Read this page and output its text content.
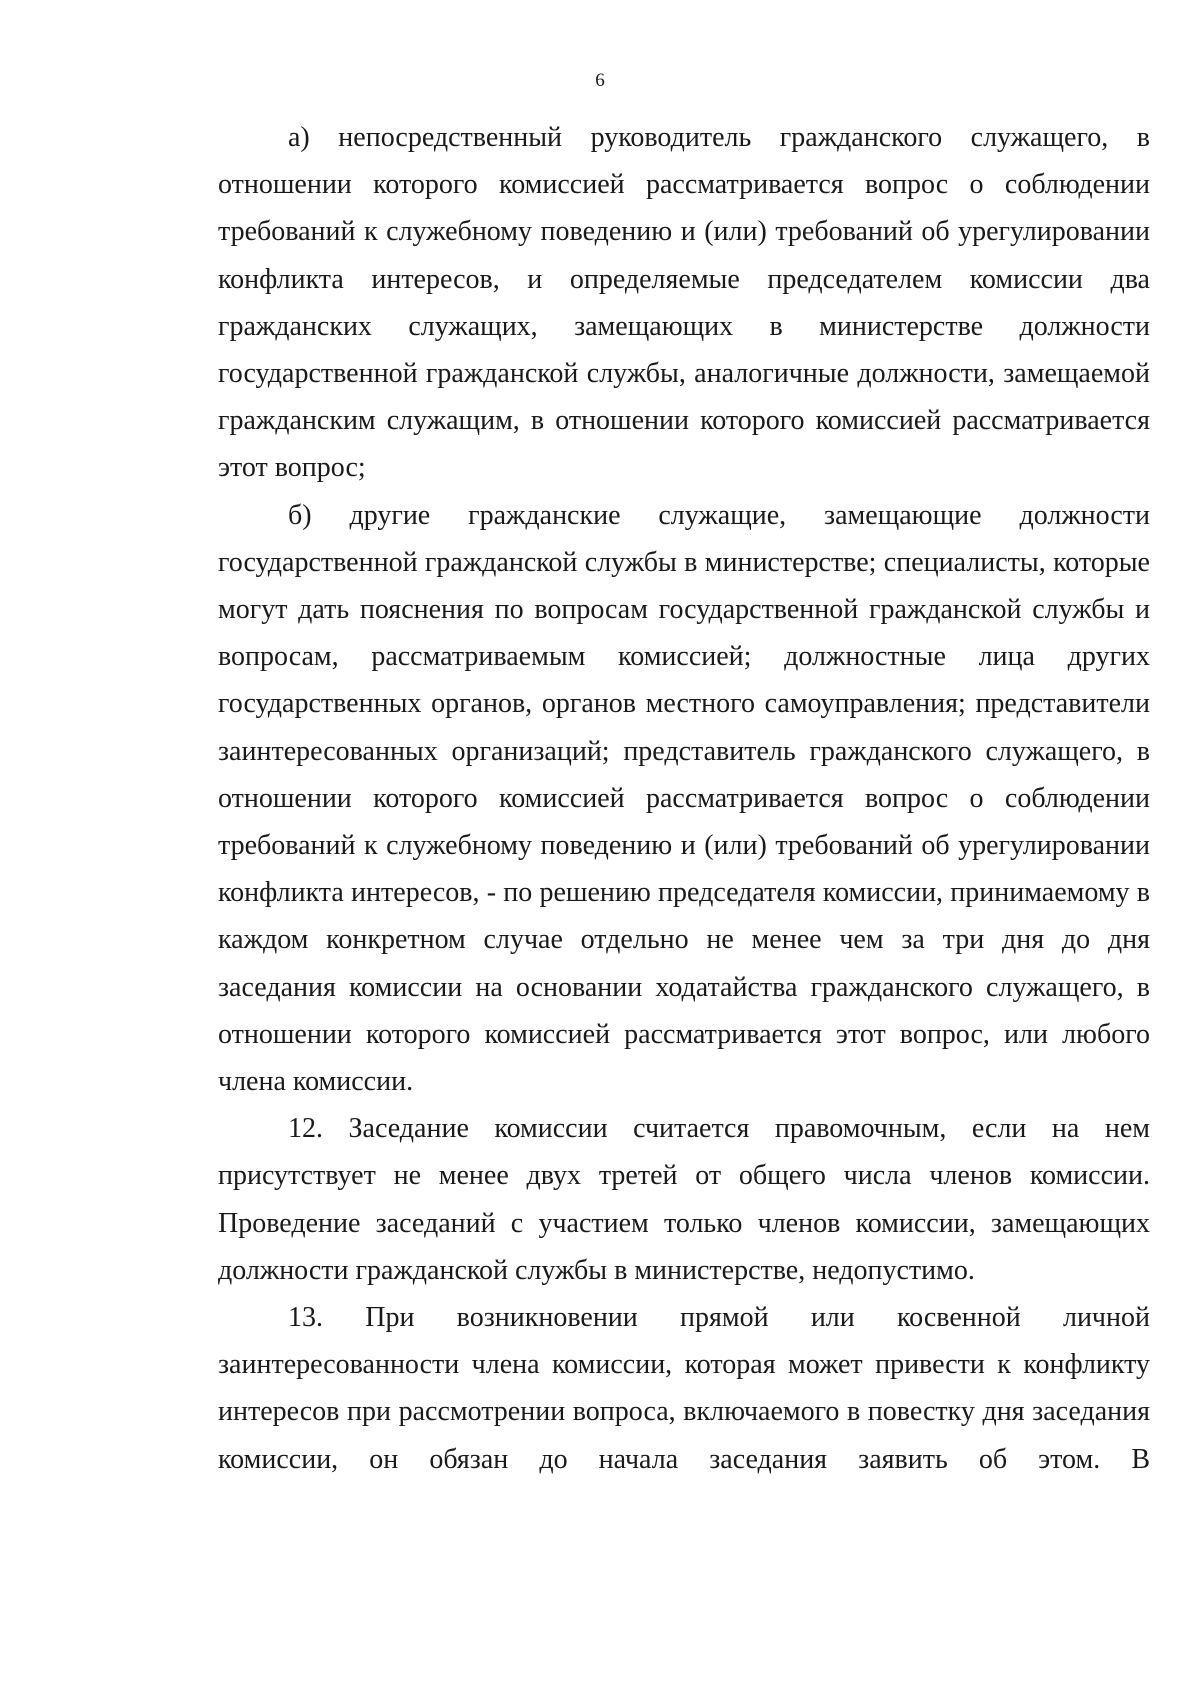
6

а) непосредственный руководитель гражданского служащего, в отношении которого комиссией рассматривается вопрос о соблюдении требований к служебному поведению и (или) требований об урегулировании конфликта интересов, и определяемые председателем комиссии два гражданских служащих, замещающих в министерстве должности государственной гражданской службы, аналогичные должности, замещаемой гражданским служащим, в отношении которого комиссией рассматривается этот вопрос;

б) другие гражданские служащие, замещающие должности государственной гражданской службы в министерстве; специалисты, которые могут дать пояснения по вопросам государственной гражданской службы и вопросам, рассматриваемым комиссией; должностные лица других государственных органов, органов местного самоуправления; представители заинтересованных организаций; представитель гражданского служащего, в отношении которого комиссией рассматривается вопрос о соблюдении требований к служебному поведению и (или) требований об урегулировании конфликта интересов, - по решению председателя комиссии, принимаемому в каждом конкретном случае отдельно не менее чем за три дня до дня заседания комиссии на основании ходатайства гражданского служащего, в отношении которого комиссией рассматривается этот вопрос, или любого члена комиссии.

12. Заседание комиссии считается правомочным, если на нем присутствует не менее двух третей от общего числа членов комиссии. Проведение заседаний с участием только членов комиссии, замещающих должности гражданской службы в министерстве, недопустимо.

13. При возникновении прямой или косвенной личной заинтересованности члена комиссии, которая может привести к конфликту интересов при рассмотрении вопроса, включаемого в повестку дня заседания комиссии, он обязан до начала заседания заявить об этом. В
